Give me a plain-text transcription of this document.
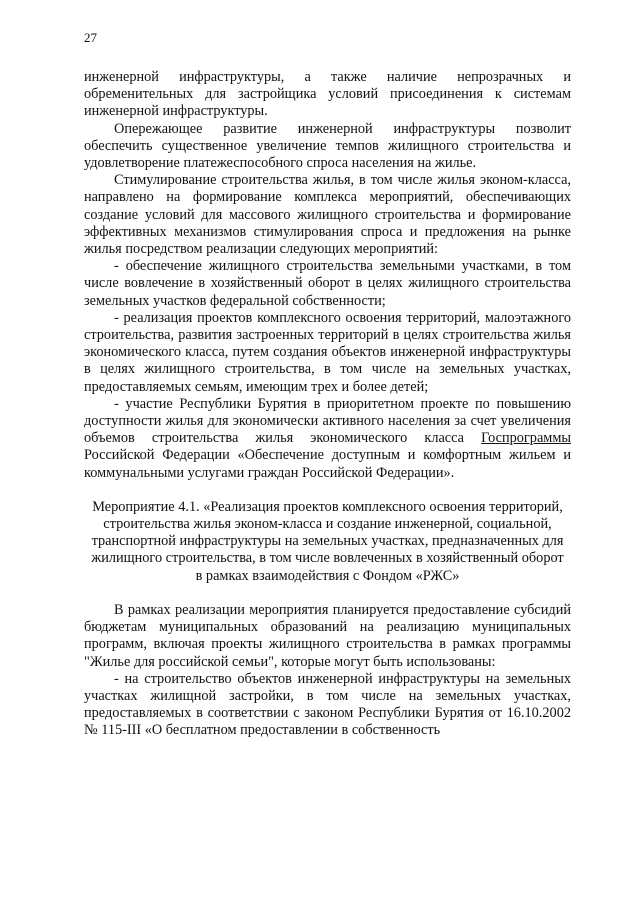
27

инженерной инфраструктуры, а также наличие непрозрачных и обременительных для застройщика условий присоединения к системам инженерной инфраструктуры.

Опережающее развитие инженерной инфраструктуры позволит обеспечить существенное увеличение темпов жилищного строительства и удовлетворение платежеспособного спроса населения на жилье.

Стимулирование строительства жилья, в том числе жилья эконом-класса, направлено на формирование комплекса мероприятий, обеспечивающих создание условий для массового жилищного строительства и формирование эффективных механизмов стимулирования спроса и предложения на рынке жилья посредством реализации следующих мероприятий:

- обеспечение жилищного строительства земельными участками, в том числе вовлечение в хозяйственный оборот в целях жилищного строительства земельных участков федеральной собственности;

- реализация проектов комплексного освоения территорий, малоэтажного строительства, развития застроенных территорий в целях строительства жилья экономического класса, путем создания объектов инженерной инфраструктуры в целях жилищного строительства, в том числе на земельных участках, предоставляемых семьям, имеющим трех и более детей;

- участие Республики Бурятия в приоритетном проекте по повышению доступности жилья для экономически активного населения за счет увеличения объемов строительства жилья экономического класса Госпрограммы Российской Федерации «Обеспечение доступным и комфортным жильем и коммунальными услугами граждан Российской Федерации».

Мероприятие 4.1. «Реализация проектов комплексного освоения территорий, строительства жилья эконом-класса и создание инженерной, социальной, транспортной инфраструктуры на земельных участках, предназначенных для жилищного строительства, в том числе вовлеченных в хозяйственный оборот в рамках взаимодействия с Фондом «РЖС»

В рамках реализации мероприятия планируется предоставление субсидий бюджетам муниципальных образований на реализацию муниципальных программ, включая проекты жилищного строительства в рамках программы "Жилье для российской семьи", которые могут быть использованы:

- на строительство объектов инженерной инфраструктуры на земельных участках жилищной застройки, в том числе на земельных участках, предоставляемых в соответствии с законом Республики Бурятия от 16.10.2002 № 115-III «О бесплатном предоставлении в собственность
